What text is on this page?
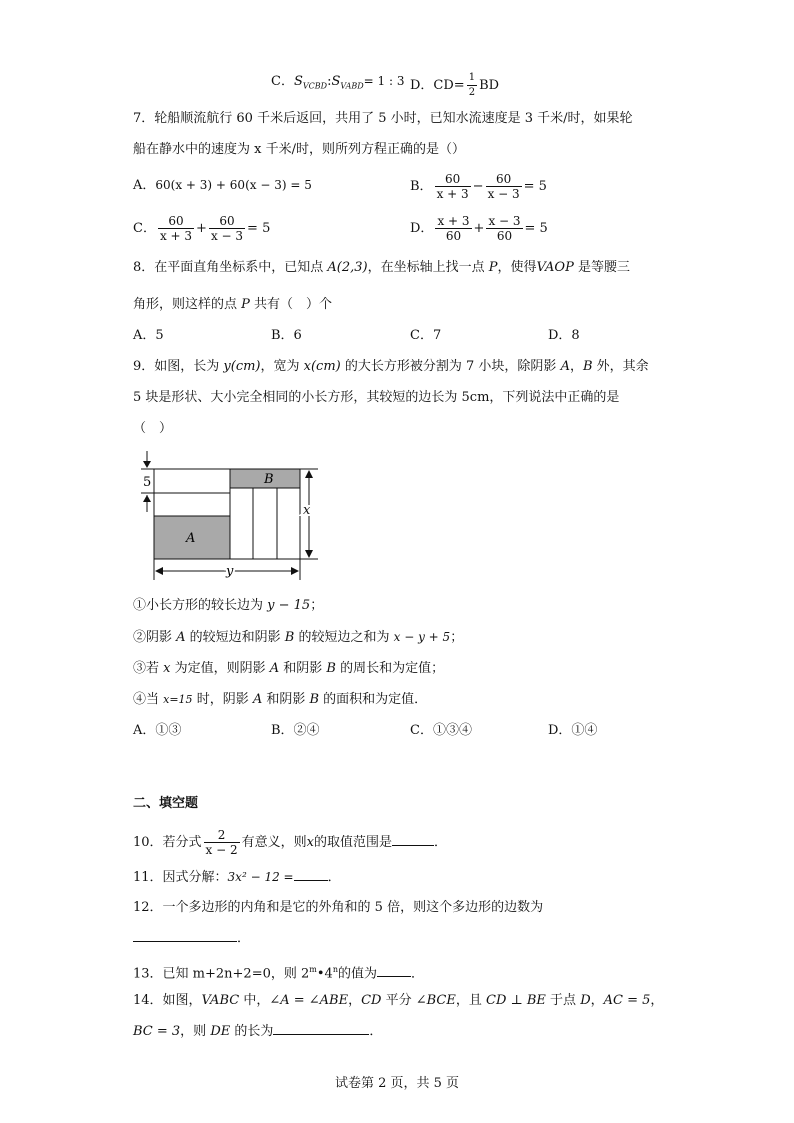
C．$S_{VCBD}:S_{VABD}= 1$ : 3 D．$CD= \frac{1}{2}$ BD
7．轮船顺流航行 60 千米后返回，共用了 5 小时，已知水流速度是 3 千米/时，如果轮
船在静水中的速度为 x 千米/时，则所列方程正确的是（）
A．60(x + 3) + 60(x − 3) = 5	B． $\frac{60}{x + 3} - \frac{60}{x - 3} = 5$
C． $\frac{60}{x + 3} + \frac{60}{x - 3} = 5$	D． $\frac{x + 3}{60} + \frac{x - 3}{60} = 5$
8．在平面直角坐标系中，已知点 A(2,3)，在坐标轴上找一点 P，使得VAOP 是等腰三
角形，则这样的点 P 共有（　）个
A．5	B．6	C．7	D．8
9．如图，长为 y(cm)，宽为 x(cm) 的大长方形被分割为 7 小块，除阴影 A，B 外，其余
5 块是形状、大小完全相同的小长方形，其较短的边长为 5cm，下列说法中正确的是
（　）
5
A
B
x
y
①小长方形的较长边为 y − 15；
②阴影 A 的较短边和阴影 B 的较短边之和为 x − y + 5；
③若 x 为定值，则阴影 A 和阴影 B 的周长和为定值；
④当 x=15 时，阴影 A 和阴影 B 的面积和为定值．
A．①③	B．②④	C．①③④	D．①④
二、填空题
10．若分式 $\frac{2}{x - 2}$ 有意义，则x的取值范围是	．
11．因式分解：3x² − 12 =	．
12．一个多边形的内角和是它的外角和的 5 倍，则这个多边形的边数为
．
13．已知 m+2n+2=0，则 2$^m$•4$^n$的值为	．
14．如图，VABC 中，∠A = ∠ABE，CD 平分 ∠BCE，且 CD ⊥ BE 于点 D，AC = 5，
BC = 3，则 DE 的长为	．
试卷第 2 页，共 5 页
